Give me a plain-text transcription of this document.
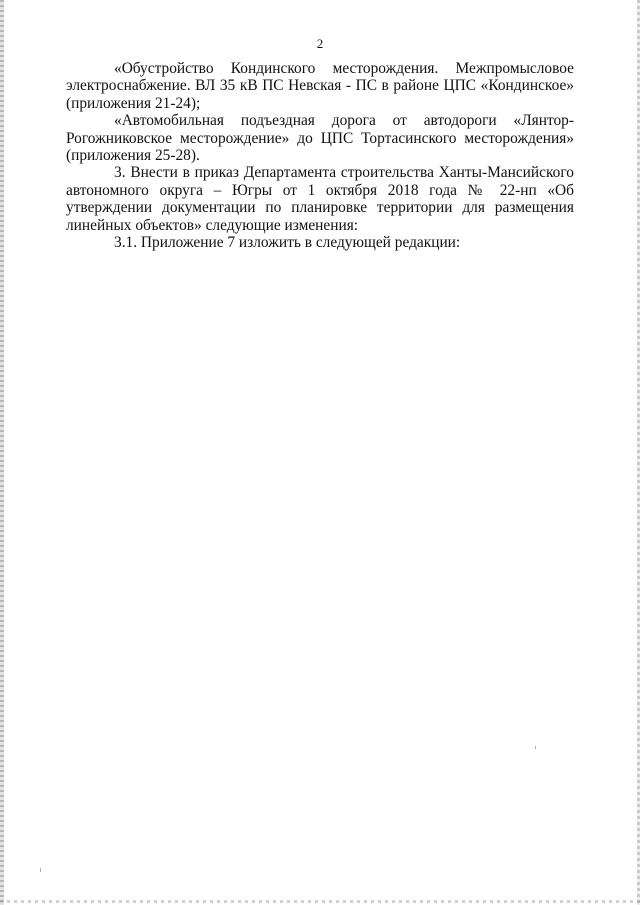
2

«Обустройство Кондинского месторождения. Межпромысловое электроснабжение. ВЛ 35 кВ ПС Невская - ПС в районе ЦПС «Кондинское» (приложения 21-24);

«Автомобильная подъездная дорога от автодороги «Лянтор-Рогожниковское месторождение» до ЦПС Тортасинского месторождения» (приложения 25-28).

3. Внести в приказ Департамента строительства Ханты-Мансийского автономного округа – Югры от 1 октября 2018 года № 22-нп «Об утверждении документации по планировке территории для размещения линейных объектов» следующие изменения:

3.1. Приложение 7 изложить в следующей редакции:
